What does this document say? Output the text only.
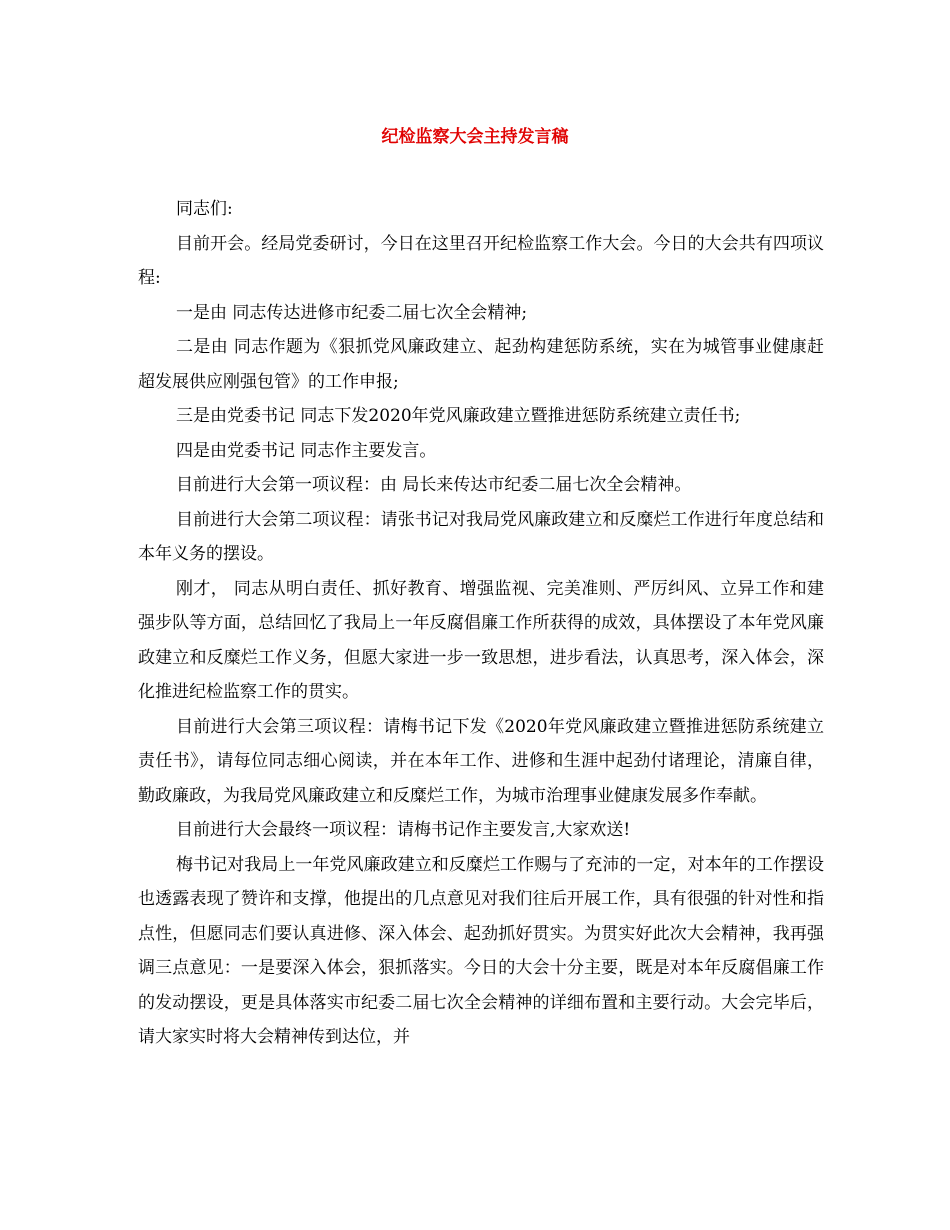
纪检监察大会主持发言稿

同志们:

目前开会。经局党委研讨，今日在这里召开纪检监察工作大会。今日的大会共有四项议程:

一是由 同志传达进修市纪委二届七次全会精神;

二是由 同志作题为《狠抓党风廉政建立、起劲构建惩防系统，实在为城管事业健康赶超发展供应刚强包管》的工作申报;

三是由党委书记 同志下发2020年党风廉政建立暨推进惩防系统建立责任书;

四是由党委书记 同志作主要发言。

目前进行大会第一项议程：由 局长来传达市纪委二届七次全会精神。

目前进行大会第二项议程：请张书记对我局党风廉政建立和反糜烂工作进行年度总结和本年义务的摆设。

刚才， 同志从明白责任、抓好教育、增强监视、完美准则、严厉纠风、立异工作和建强步队等方面，总结回忆了我局上一年反腐倡廉工作所获得的成效，具体摆设了本年党风廉政建立和反糜烂工作义务，但愿大家进一步一致思想，进步看法，认真思考，深入体会，深化推进纪检监察工作的贯实。

目前进行大会第三项议程：请梅书记下发《2020年党风廉政建立暨推进惩防系统建立责任书》，请每位同志细心阅读，并在本年工作、进修和生涯中起劲付诸理论，清廉自律，勤政廉政，为我局党风廉政建立和反糜烂工作，为城市治理事业健康发展多作奉献。

目前进行大会最终一项议程：请梅书记作主要发言,大家欢送!

梅书记对我局上一年党风廉政建立和反糜烂工作赐与了充沛的一定，对本年的工作摆设也透露表现了赞许和支撑，他提出的几点意见对我们往后开展工作，具有很强的针对性和指点性，但愿同志们要认真进修、深入体会、起劲抓好贯实。为贯实好此次大会精神，我再强调三点意见：一是要深入体会，狠抓落实。今日的大会十分主要，既是对本年反腐倡廉工作的发动摆设，更是具体落实市纪委二届七次全会精神的详细布置和主要行动。大会完毕后，请大家实时将大会精神传到达位，并
